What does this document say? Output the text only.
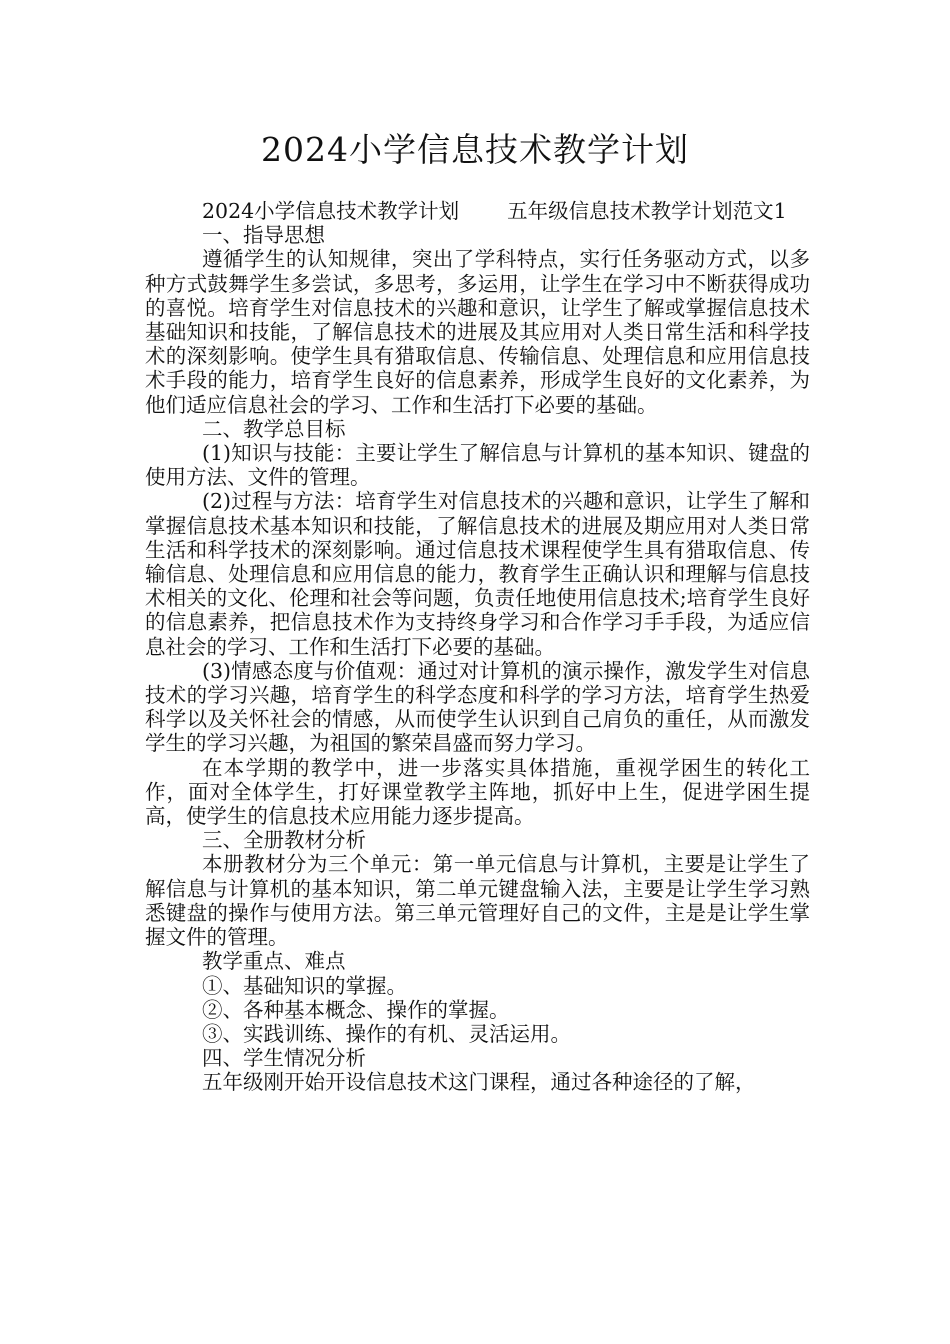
2024小学信息技术教学计划

2024小学信息技术教学计划 五年级信息技术教学计划范文1

一、指导思想

遵循学生的认知规律，突出了学科特点，实行任务驱动方式，以多种方式鼓舞学生多尝试，多思考，多运用，让学生在学习中不断获得成功的喜悦。培育学生对信息技术的兴趣和意识，让学生了解或掌握信息技术基础知识和技能，了解信息技术的进展及其应用对人类日常生活和科学技术的深刻影响。使学生具有猎取信息、传输信息、处理信息和应用信息技术手段的能力，培育学生良好的信息素养，形成学生良好的文化素养，为他们适应信息社会的学习、工作和生活打下必要的基础。

二、教学总目标

(1)知识与技能：主要让学生了解信息与计算机的基本知识、键盘的使用方法、文件的管理。

(2)过程与方法：培育学生对信息技术的兴趣和意识，让学生了解和掌握信息技术基本知识和技能，了解信息技术的进展及期应用对人类日常生活和科学技术的深刻影响。通过信息技术课程使学生具有猎取信息、传输信息、处理信息和应用信息的能力，教育学生正确认识和理解与信息技术相关的文化、伦理和社会等问题，负责任地使用信息技术;培育学生良好的信息素养，把信息技术作为支持终身学习和合作学习手手段，为适应信息社会的学习、工作和生活打下必要的基础。

(3)情感态度与价值观：通过对计算机的演示操作，激发学生对信息技术的学习兴趣，培育学生的科学态度和科学的学习方法，培育学生热爱科学以及关怀社会的情感，从而使学生认识到自己肩负的重任，从而激发学生的学习兴趣，为祖国的繁荣昌盛而努力学习。

在本学期的教学中，进一步落实具体措施，重视学困生的转化工作，面对全体学生，打好课堂教学主阵地，抓好中上生，促进学困生提高，使学生的信息技术应用能力逐步提高。

三、全册教材分析

本册教材分为三个单元：第一单元信息与计算机，主要是让学生了解信息与计算机的基本知识，第二单元键盘输入法，主要是让学生学习熟悉键盘的操作与使用方法。第三单元管理好自己的文件，主是是让学生掌握文件的管理。

教学重点、难点

①、基础知识的掌握。

②、各种基本概念、操作的掌握。

③、实践训练、操作的有机、灵活运用。

四、学生情况分析

五年级刚开始开设信息技术这门课程，通过各种途径的了解，
